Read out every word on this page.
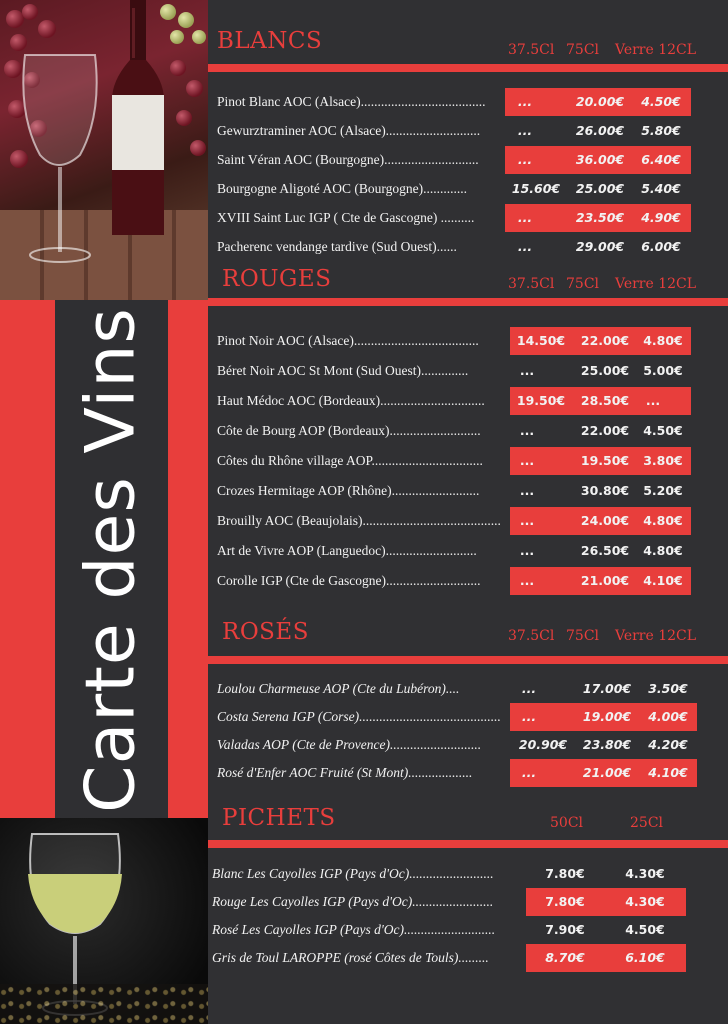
Carte des Vins
BLANCS	37.5Cl 75Cl Verre 12CL
Pinot Blanc AOC (Alsace).....................................	...	20.00€	4.50€
Gewurztraminer AOC (Alsace)............................	...	26.00€	5.80€
Saint Véran AOC (Bourgogne)............................	...	36.00€	6.40€
Bourgogne Aligoté AOC (Bourgogne).............	15.60€	25.00€	5.40€
XVIII Saint Luc IGP ( Cte de Gascogne) ..........	...	23.50€	4.90€
Pacherenc vendange tardive (Sud Ouest)......	...	29.00€	6.00€
ROUGES	37.5Cl 75Cl Verre 12CL
Pinot Noir AOC (Alsace).....................................	14.50€	22.00€	4.80€
Béret Noir AOC St Mont (Sud Ouest)..............	...	25.00€	5.00€
Haut Médoc AOC (Bordeaux)...............................	19.50€	28.50€	...
Côte de Bourg AOP (Bordeaux)...........................	...	22.00€	4.50€
Côtes du Rhône village AOP.................................	...	19.50€	3.80€
Crozes Hermitage AOP (Rhône)..........................	...	30.80€	5.20€
Brouilly AOC (Beaujolais).........................................	...	24.00€	4.80€
Art de Vivre AOP (Languedoc)...........................	...	26.50€	4.80€
Corolle IGP (Cte de Gascogne)............................	...	21.00€	4.10€
ROSÉS	37.5Cl 75Cl Verre 12CL
Loulou Charmeuse AOP (Cte du Lubéron)....	...	17.00€	3.50€
Costa Serena IGP (Corse)..........................................	...	19.00€	4.00€
Valadas AOP (Cte de Provence)...........................	20.90€	23.80€	4.20€
Rosé d'Enfer AOC Fruité (St Mont)...................	...	21.00€	4.10€
PICHETS	50Cl	25Cl
Blanc Les Cayolles IGP (Pays d'Oc).........................	7.80€	4.30€
Rouge Les Cayolles IGP (Pays d'Oc)........................	7.80€	4.30€
Rosé Les Cayolles IGP (Pays d'Oc)...........................	7.90€	4.50€
Gris de Toul LAROPPE (rosé Côtes de Touls).........	8.70€	6.10€
